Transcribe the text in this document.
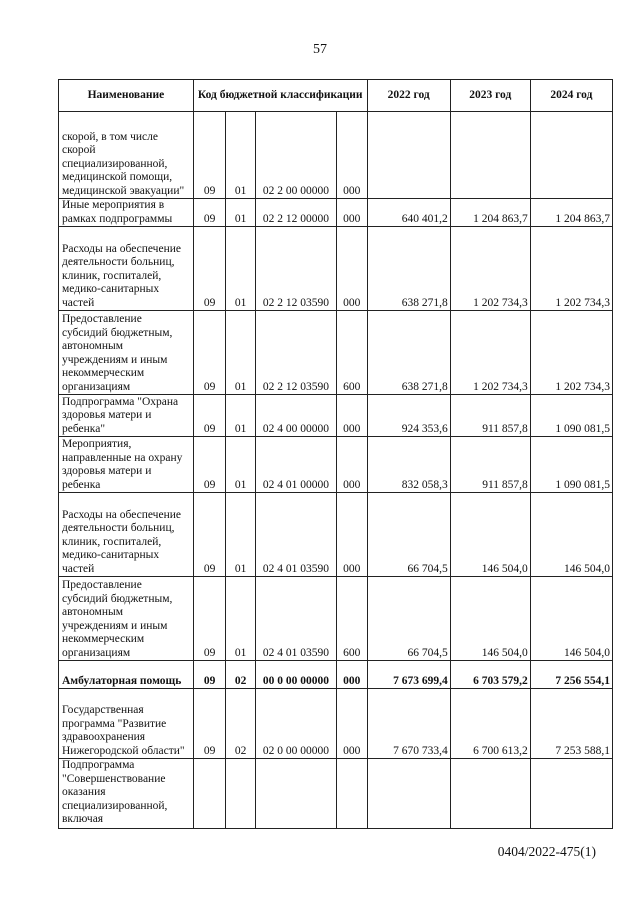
57
Наименование	Код бюджетной классификации				2022 год	2023 год	2024 год
скорой, в том числе скорой специализированной, медицинской помощи, медицинской эвакуации"	09	01	02 2 00 00000	000			
Иные мероприятия в рамках подпрограммы	09	01	02 2 12 00000	000	640 401,2	1 204 863,7	1 204 863,7
Расходы на обеспечение деятельности больниц, клиник, госпиталей, медико-санитарных частей	09	01	02 2 12 03590	000	638 271,8	1 202 734,3	1 202 734,3
Предоставление субсидий бюджетным, автономным учреждениям и иным некоммерческим организациям	09	01	02 2 12 03590	600	638 271,8	1 202 734,3	1 202 734,3
Подпрограмма "Охрана здоровья матери и ребенка"	09	01	02 4 00 00000	000	924 353,6	911 857,8	1 090 081,5
Мероприятия, направленные на охрану здоровья матери и ребенка	09	01	02 4 01 00000	000	832 058,3	911 857,8	1 090 081,5
Расходы на обеспечение деятельности больниц, клиник, госпиталей, медико-санитарных частей	09	01	02 4 01 03590	000	66 704,5	146 504,0	146 504,0
Предоставление субсидий бюджетным, автономным учреждениям и иным некоммерческим организациям	09	01	02 4 01 03590	600	66 704,5	146 504,0	146 504,0
Амбулаторная помощь	09	02	00 0 00 00000	000	7 673 699,4	6 703 579,2	7 256 554,1
Государственная программа "Развитие здравоохранения Нижегородской области"	09	02	02 0 00 00000	000	7 670 733,4	6 700 613,2	7 253 588,1
Подпрограмма "Совершенствование оказания специализированной, включая							
0404/2022-475(1)
